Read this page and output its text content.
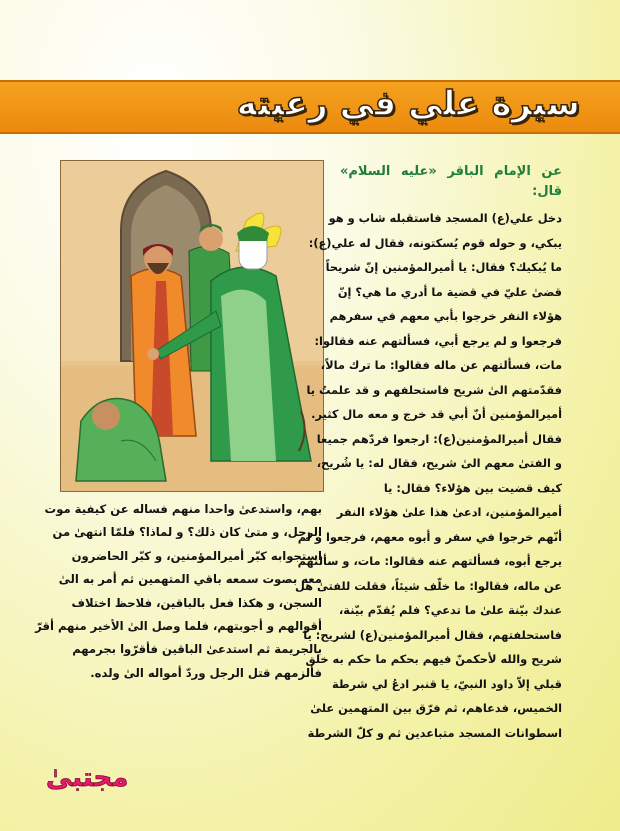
سيرة علي في رعيته
عن الإمام الباقر «عليه السلام» قال:
دخل علي(ع) المسجد فاستقبله شاب و هو
يبكي، و حوله قوم يُسكتونه، فقال له علي(ع):
ما يُبكيك؟ فقال: يا أميرالمؤمنين إنّ شريحاً
قضىٰ عليّ في قضية ما أدري ما هي؟ إنّ
هؤلاء النفر خرجوا بأبي معهم في سفرهم
فرجعوا و لم يرجع أبي، فسألتهم عنه فقالوا:
مات، فسألتهم عن ماله فقالوا: ما ترك مالاً،
فقدّمتهم الىٰ شريح فاستحلفهم و قد علمتُ يا
أميرالمؤمنين أنّ أبي قد خرج و معه مال كثير.
فقال أميرالمؤمنين(ع): ارجعوا فردّهم جميعا
و الفتىٰ معهم الىٰ شريح، فقال له: يا شُريح،
كيف قضيت بين هؤلاء؟ فقال: يا
أميرالمؤمنين، ادعىٰ هذا علىٰ هؤلاء النفر
أنّهم خرجوا في سفر و أبوه معهم، فرجعوا و لم
يرجع أبوه، فسألتهم عنه فقالوا: مات، و سألتهم
عن ماله، فقالوا: ما خلّف شيئاً، فقلت للفتىٰ هل
عندك بيّنة علىٰ ما تدعي؟ فلم يُقدّم بيّنة،
فاستحلفتهم، فقال أميرالمؤمنين(ع) لشريح: يا
شريح والله لأحكمنّ فيهم بحكم ما حكم به خلق
قبلي إلاّ داود النبيّ، يا قنبر ادعُ لي شرطة
الخميس، فدعاهم، ثم فرّق بين المتهمين علىٰ
اسطوانات المسجد متباعدين ثم و كلّ الشرطة
بهم، واستدعىٰ واحدا منهم فساله عن كيفية موت
الرجل، و متىٰ كان ذلك؟ و لماذا؟ فلمّا انتهىٰ من
استجوابه كبّر أميرالمؤمنين، و كبّر الحاضرون
معه بصوت سمعه باقي المتهمين ثم أمر به الىٰ
السجن، و هكذا فعل بالباقين، فلاحظ اختلاف
أقوالهم و أجوبتهم، فلما وصل الىٰ الأخير منهم أقرّ
بالجريمة ثم استدعىٰ الباقين فأقرّوا بجرمهم
فألزمهم قتل الرجل وردّ أمواله الىٰ ولده.
مجتبیٰ
